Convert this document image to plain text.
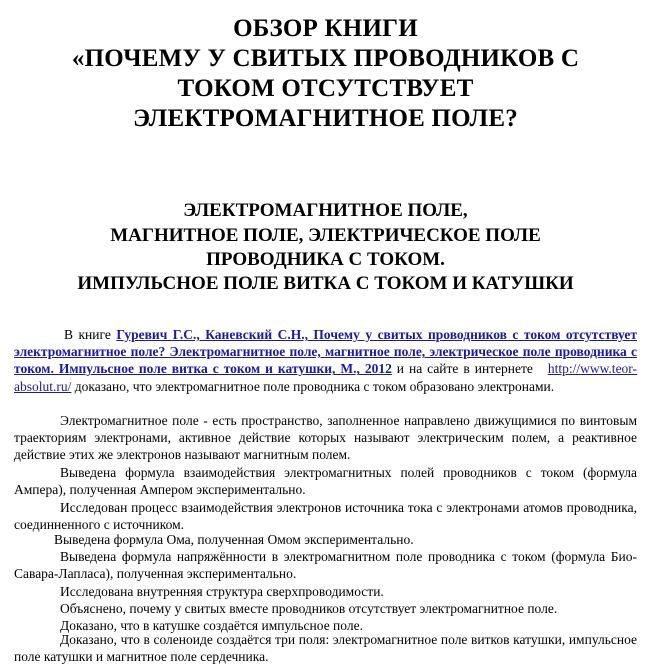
ОБЗОР КНИГИ
«ПОЧЕМУ У СВИТЫХ ПРОВОДНИКОВ С
ТОКОМ ОТСУТСТВУЕТ
ЭЛЕКТРОМАГНИТНОЕ ПОЛЕ?
ЭЛЕКТРОМАГНИТНОЕ ПОЛЕ,
МАГНИТНОЕ ПОЛЕ, ЭЛЕКТРИЧЕСКОЕ ПОЛЕ
ПРОВОДНИКА С ТОКОМ.
ИМПУЛЬСНОЕ ПОЛЕ ВИТКА С ТОКОМ И КАТУШКИ
В книге Гуревич Г.С., Каневский С.Н., Почему у свитых проводников с током отсутствует электромагнитное поле? Электромагнитное поле, магнитное поле, электрическое поле проводника с током. Импульсное поле витка с током и катушки, М., 2012 и на сайте в интернете http://www.teor-absolut.ru/ доказано, что электромагнитное поле проводника с током образовано электронами.
Электромагнитное поле - есть пространство, заполненное направлено движущимися по винтовым траекториям электронами, активное действие которых называют электрическим полем, а реактивное действие этих же электронов называют магнитным полем.
Выведена формула взаимодействия электромагнитных полей проводников с током (формула Ампера), полученная Ампером экспериментально.
Исследован процесс взаимодействия электронов источника тока с электронами атомов проводника, соединненного с источником.
Выведена формула Ома, полученная Омом экспериментально.
Выведена формула напряжённости в электромагнитном поле проводника с током (формула Био-Савара-Лапласа), полученная экспериментально.
Исследована внутренняя структура сверхпроводимости.
Объяснено, почему у свитых вместе проводников отсутствует электромагнитное поле.
Доказано, что в катушке создаётся импульсное поле.
Доказано, что в соленоиде создаётся три поля: электромагнитное поле витков катушки, импульсное поле катушки и магнитное поле сердечника.
